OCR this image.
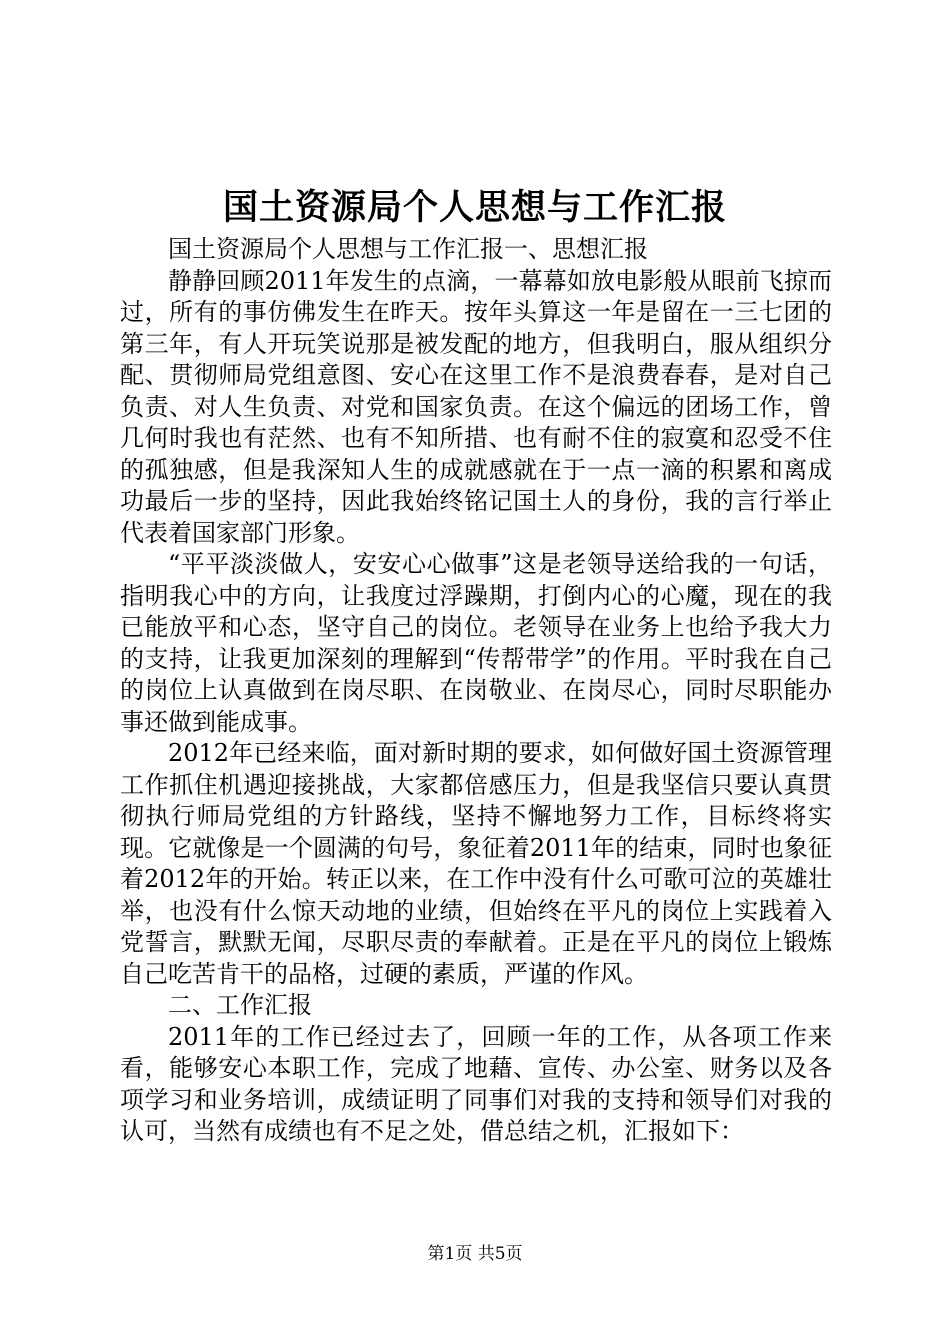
国土资源局个人思想与工作汇报

国土资源局个人思想与工作汇报一、思想汇报

静静回顾2011年发生的点滴，一幕幕如放电影般从眼前飞掠而过，所有的事仿佛发生在昨天。按年头算这一年是留在一三七团的第三年，有人开玩笑说那是被发配的地方，但我明白，服从组织分配、贯彻师局党组意图、安心在这里工作不是浪费春春，是对自己负责、对人生负责、对党和国家负责。在这个偏远的团场工作，曾几何时我也有茫然、也有不知所措、也有耐不住的寂寞和忍受不住的孤独感，但是我深知人生的成就感就在于一点一滴的积累和离成功最后一步的坚持，因此我始终铭记国土人的身份，我的言行举止代表着国家部门形象。

“平平淡淡做人，安安心心做事”这是老领导送给我的一句话，指明我心中的方向，让我度过浮躁期，打倒内心的心魔，现在的我已能放平和心态，坚守自己的岗位。老领导在业务上也给予我大力的支持，让我更加深刻的理解到“传帮带学”的作用。平时我在自己的岗位上认真做到在岗尽职、在岗敬业、在岗尽心，同时尽职能办事还做到能成事。

2012年已经来临，面对新时期的要求，如何做好国土资源管理工作抓住机遇迎接挑战，大家都倍感压力，但是我坚信只要认真贯彻执行师局党组的方针路线，坚持不懈地努力工作，目标终将实现。它就像是一个圆满的句号，象征着2011年的结束，同时也象征着2012年的开始。转正以来，在工作中没有什么可歌可泣的英雄壮举，也没有什么惊天动地的业绩，但始终在平凡的岗位上实践着入党誓言，默默无闻，尽职尽责的奉献着。正是在平凡的岗位上锻炼自己吃苦肯干的品格，过硬的素质，严谨的作风。

二、工作汇报

2011年的工作已经过去了，回顾一年的工作，从各项工作来看，能够安心本职工作，完成了地藉、宣传、办公室、财务以及各项学习和业务培训，成绩证明了同事们对我的支持和领导们对我的认可，当然有成绩也有不足之处，借总结之机，汇报如下：

第1页 共5页
